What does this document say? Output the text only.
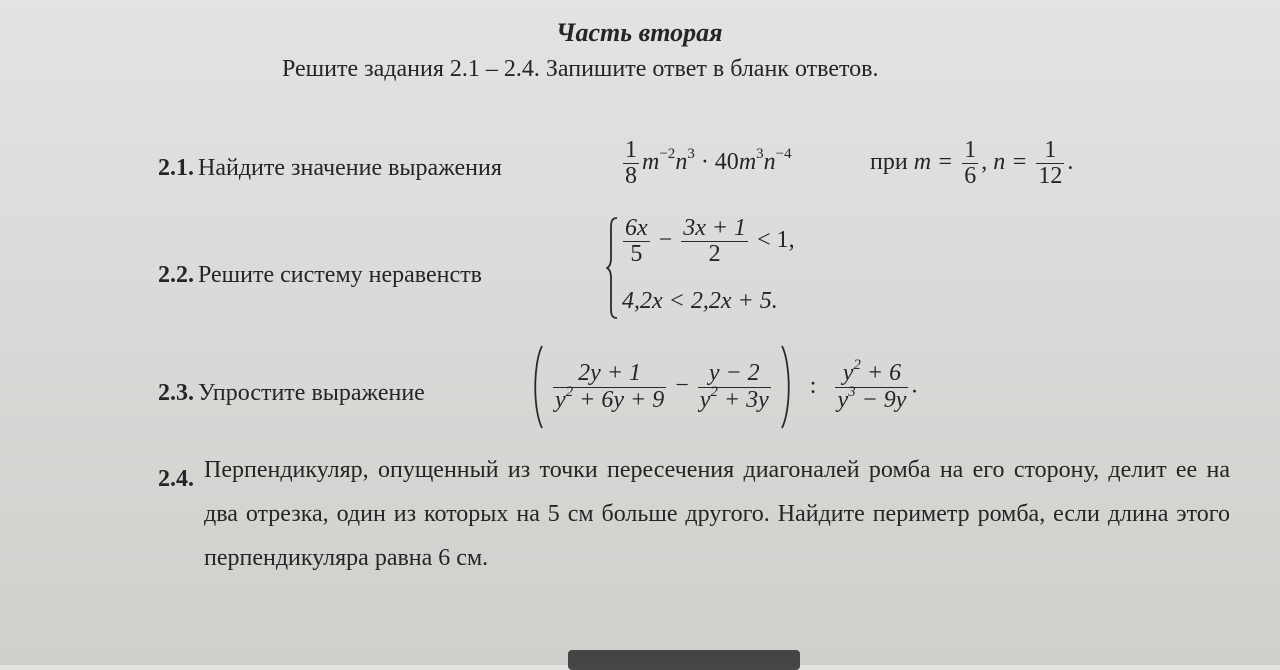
Часть вторая
Решите задания 2.1 – 2.4. Запишите ответ в бланк ответов.
2.1. Найдите значение выражения	$\frac{1}{8} m^{-2}n^3 \cdot 40m^3n^{-4}$	при $m = \frac{1}{6}$ , $n = \frac{1}{12}$ .
2.2. Решите систему неравенств
$\frac{6x}{5} - \frac{3x + 1}{2} < 1$,
4,2x < 2,2x + 5.
2.3. Упростите выражение
	$\frac{2y + 1}{y^2 + 6y + 9} - \frac{y - 2}{y^2 + 3y}$ : $\frac{y^2 + 6}{y^3 - 9y}$ .
2.4. Перпендикуляр, опущенный из точки пересечения диагоналей ромба на его сторону, делит ее на два отрезка, один из которых на 5 см больше другого. Найдите периметр ромба, если длина этого перпендикуляра равна 6 см.
